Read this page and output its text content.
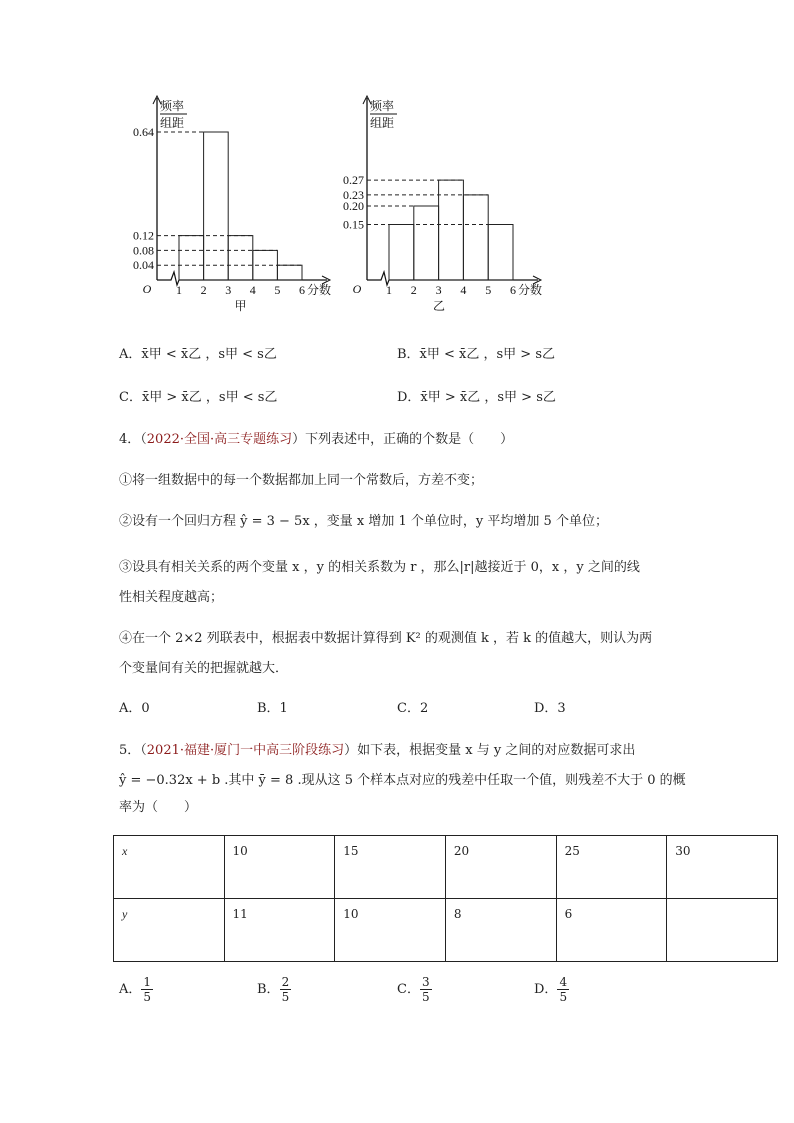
0.04
0.08
0.12
0.64
1 2 3 4 5 6
O	分数
频率
组距
甲
0.15
0.20
0.23
0.27
1 2 3 4 5 6
O	分数
频率
组距
乙
A．x̄甲 < x̄乙 ，s甲 < s乙	B．x̄甲 < x̄乙 ，s甲 > s乙
C．x̄甲 > x̄乙 ，s甲 < s乙	D．x̄甲 > x̄乙 ，s甲 > s乙
4．（2022·全国·高三专题练习）下列表述中，正确的个数是（　　）
①将一组数据中的每一个数据都加上同一个常数后，方差不变；
②设有一个回归方程 ŷ = 3 − 5x ，变量 x 增加 1 个单位时，y 平均增加 5 个单位；
③设具有相关关系的两个变量 x ，y 的相关系数为 r ，那么|r|越接近于 0，x ，y 之间的线
性相关程度越高；
④在一个 2×2 列联表中，根据表中数据计算得到 K² 的观测值 k ，若 k 的值越大，则认为两
个变量间有关的把握就越大．
A．0	B．1	C．2	D．3
5．（2021·福建·厦门一中高三阶段练习）如下表，根据变量 x 与 y 之间的对应数据可求出
ŷ = −0.32x + b .其中 ȳ = 8 .现从这 5 个样本点对应的残差中任取一个值，则残差不大于 0 的概
率为（　　）
x	10	15	20	25	30
y	11	10	8	6	
A． $\frac{1}{5}$	B． $\frac{2}{5}$	C． $\frac{3}{5}$	D． $\frac{4}{5}$
